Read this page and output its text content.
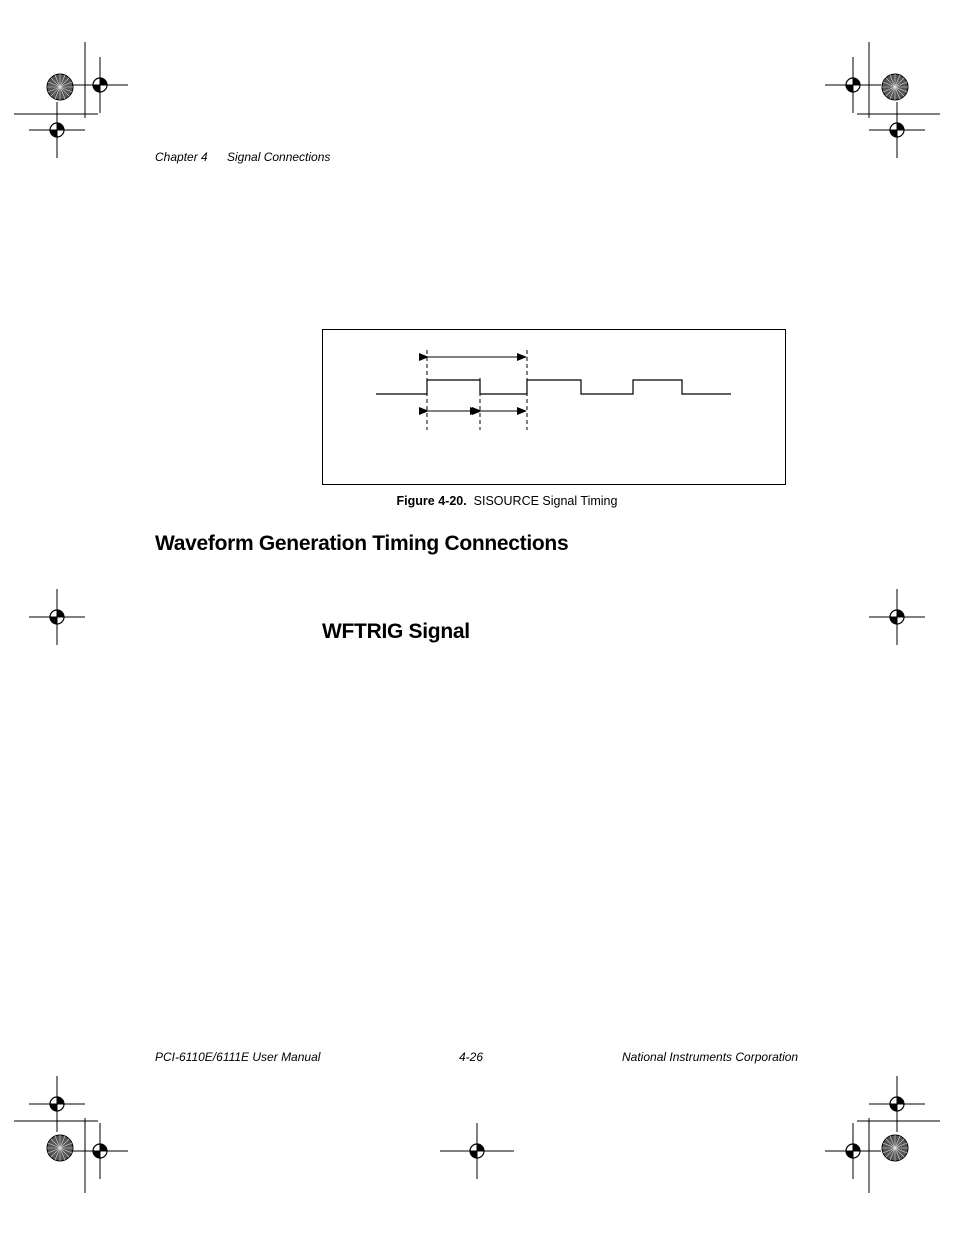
Chapter 4 Signal Connections
Figure 4-20. SISOURCE Signal Timing
Waveform Generation Timing Connections
WFTRIG Signal
PCI-6110E/6111E User Manual	4-26	National Instruments Corporation
